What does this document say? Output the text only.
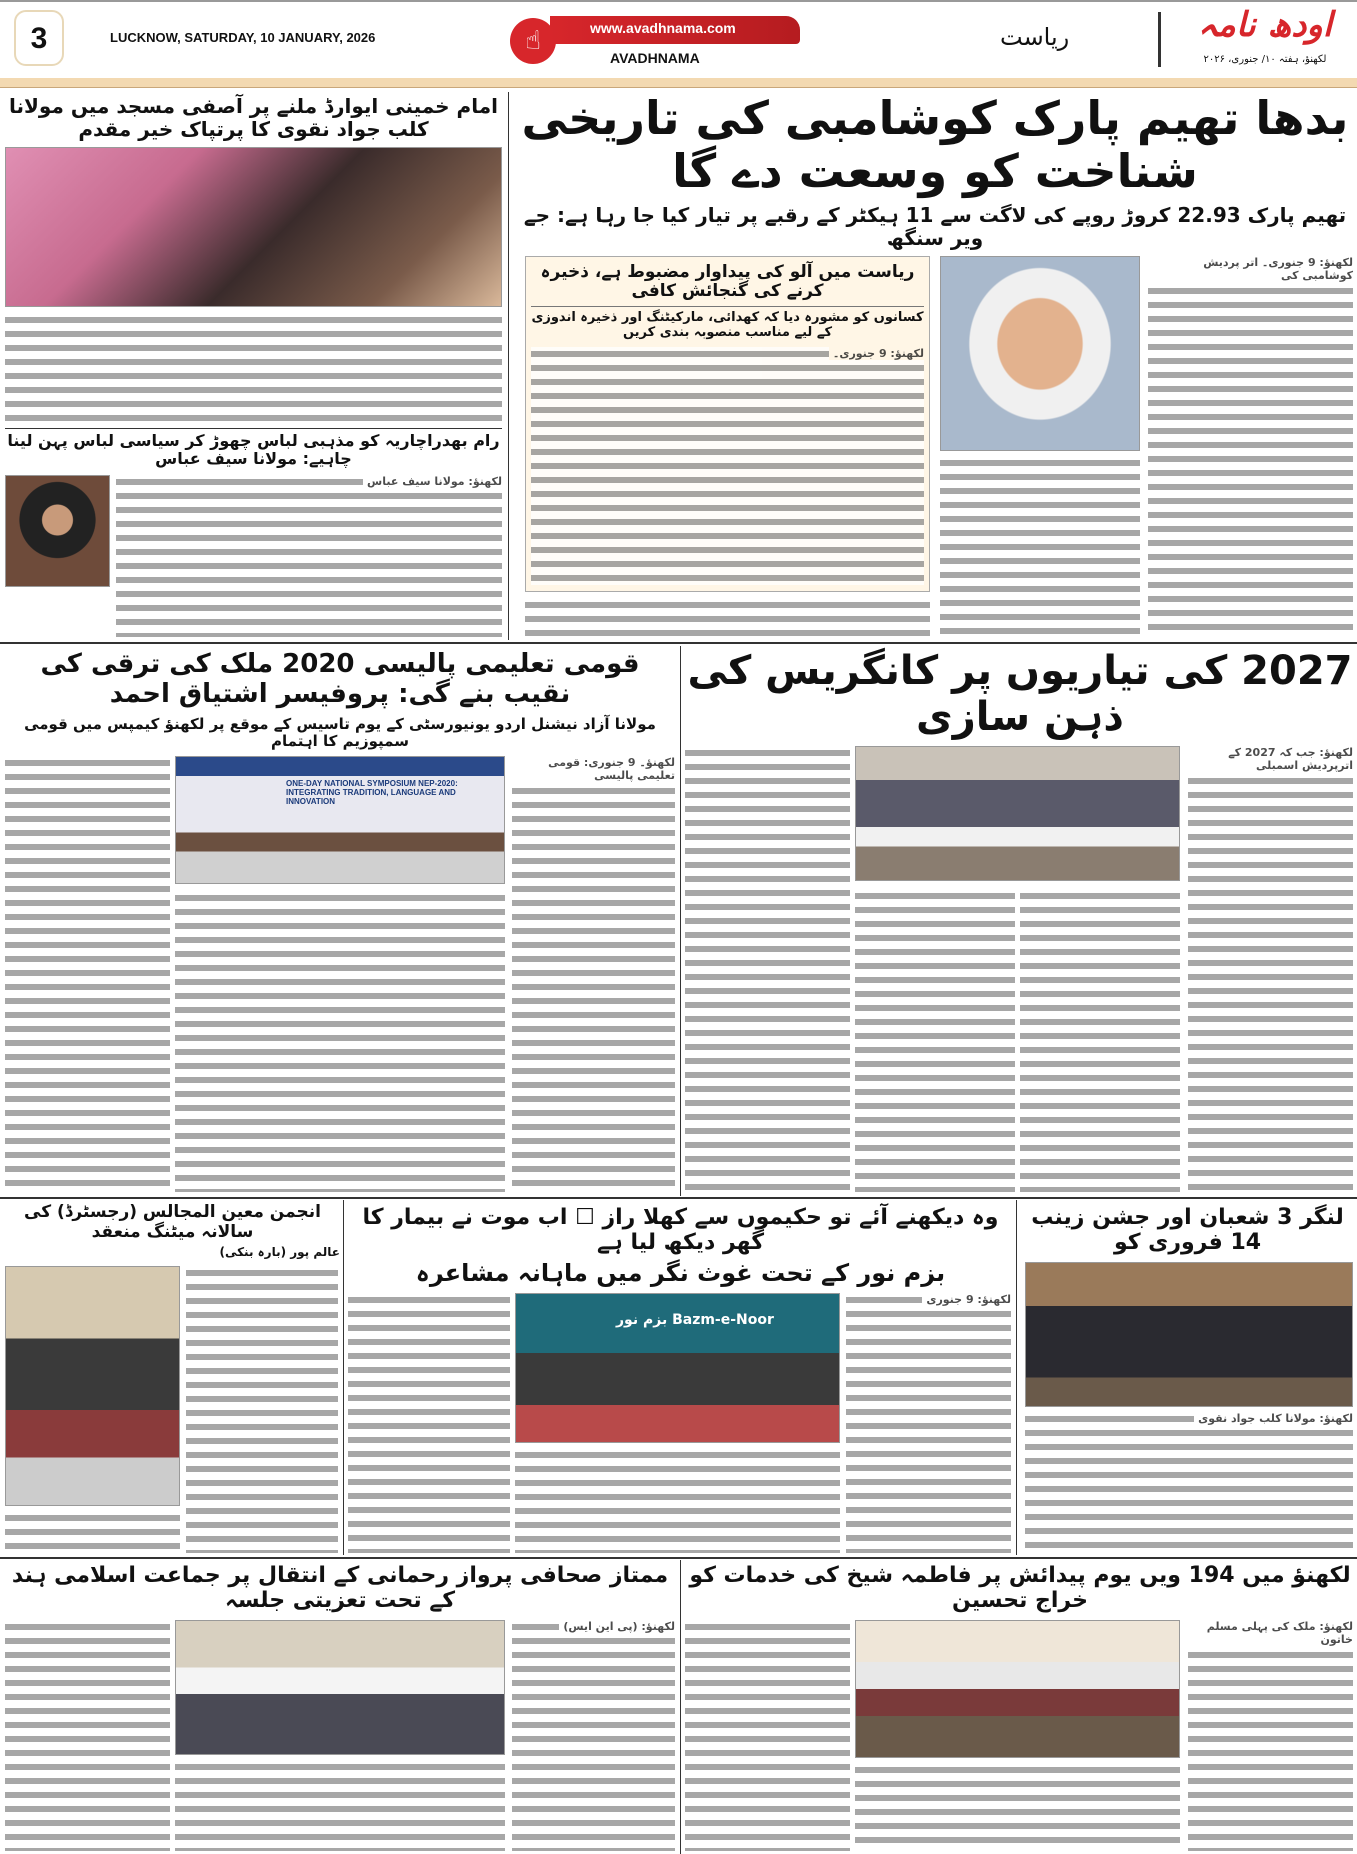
3	LUCKNOW, SATURDAY, 10 JANUARY, 2026	☝	www.avadhnama.com
AVADHNAMA
ریاست	اودھ نامہ
لکھنؤ، ہفتہ ۱۰/ جنوری، ۲۰۲۶
امام خمینی ایوارڈ ملنے پر آصفی مسجد میں مولانا کلب جواد نقوی کا پرتپاک خیر مقدم
رام بھدراچاریہ کو مذہبی لباس چھوڑ کر سیاسی لباس پہن لینا چاہیے: مولانا سیف عباس
لکھنؤ: مولانا سیف عباس
بدھا تھیم پارک کوشامبی کی تاریخی شناخت کو وسعت دے گا
تھیم پارک 22.93 کروڑ روپے کی لاگت سے 11 ہیکٹر کے رقبے پر تیار کیا جا رہا ہے: جے ویر سنگھ
ریاست میں آلو کی پیداوار مضبوط ہے، ذخیرہ کرنے کی گنجائش کافی
کسانوں کو مشورہ دیا کہ کھدائی، مارکیٹنگ اور ذخیرہ اندوزی کے لیے مناسب منصوبہ بندی کریں
لکھنؤ: 9 جنوری۔
لکھنؤ: 9 جنوری۔ اتر پردیش کوشامبی کی
قومی تعلیمی پالیسی 2020 ملک کی ترقی کی نقیب بنے گی: پروفیسر اشتیاق احمد
مولانا آزاد نیشنل اردو یونیورسٹی کے یوم تاسیس کے موقع پر لکھنؤ کیمپس میں قومی سمپوزیم کا اہتمام
ONE-DAY NATIONAL SYMPOSIUM NEP-2020: INTEGRATING TRADITION, LANGUAGE AND INNOVATION
لکھنؤ۔ 9 جنوری: قومی تعلیمی پالیسی
2027 کی تیاریوں پر کانگریس کی ذہن سازی
لکھنؤ: جب کہ 2027 کے اترپردیش اسمبلی
انجمن معین المجالس (رجسٹرڈ) کی سالانہ میٹنگ منعقد
عالم پور (بارہ بنکی)
وہ دیکھنے آئے تو حکیموں سے کھلا راز ☐ اب موت نے بیمار کا گھر دیکھ لیا ہے
بزم نور کے تحت غوث نگر میں ماہانہ مشاعرہ
بزم نور Bazm-e-Noor
لکھنؤ: 9 جنوری
لنگر 3 شعبان اور جشن زینب 14 فروری کو
لکھنؤ: مولانا کلب جواد نقوی
ممتاز صحافی پرواز رحمانی کے انتقال پر جماعت اسلامی ہند کے تحت تعزیتی جلسہ
لکھنؤ: (پی این ایس)
لکھنؤ میں 194 ویں یوم پیدائش پر فاطمہ شیخ کی خدمات کو خراج تحسین
لکھنؤ: ملک کی پہلی مسلم خاتون
